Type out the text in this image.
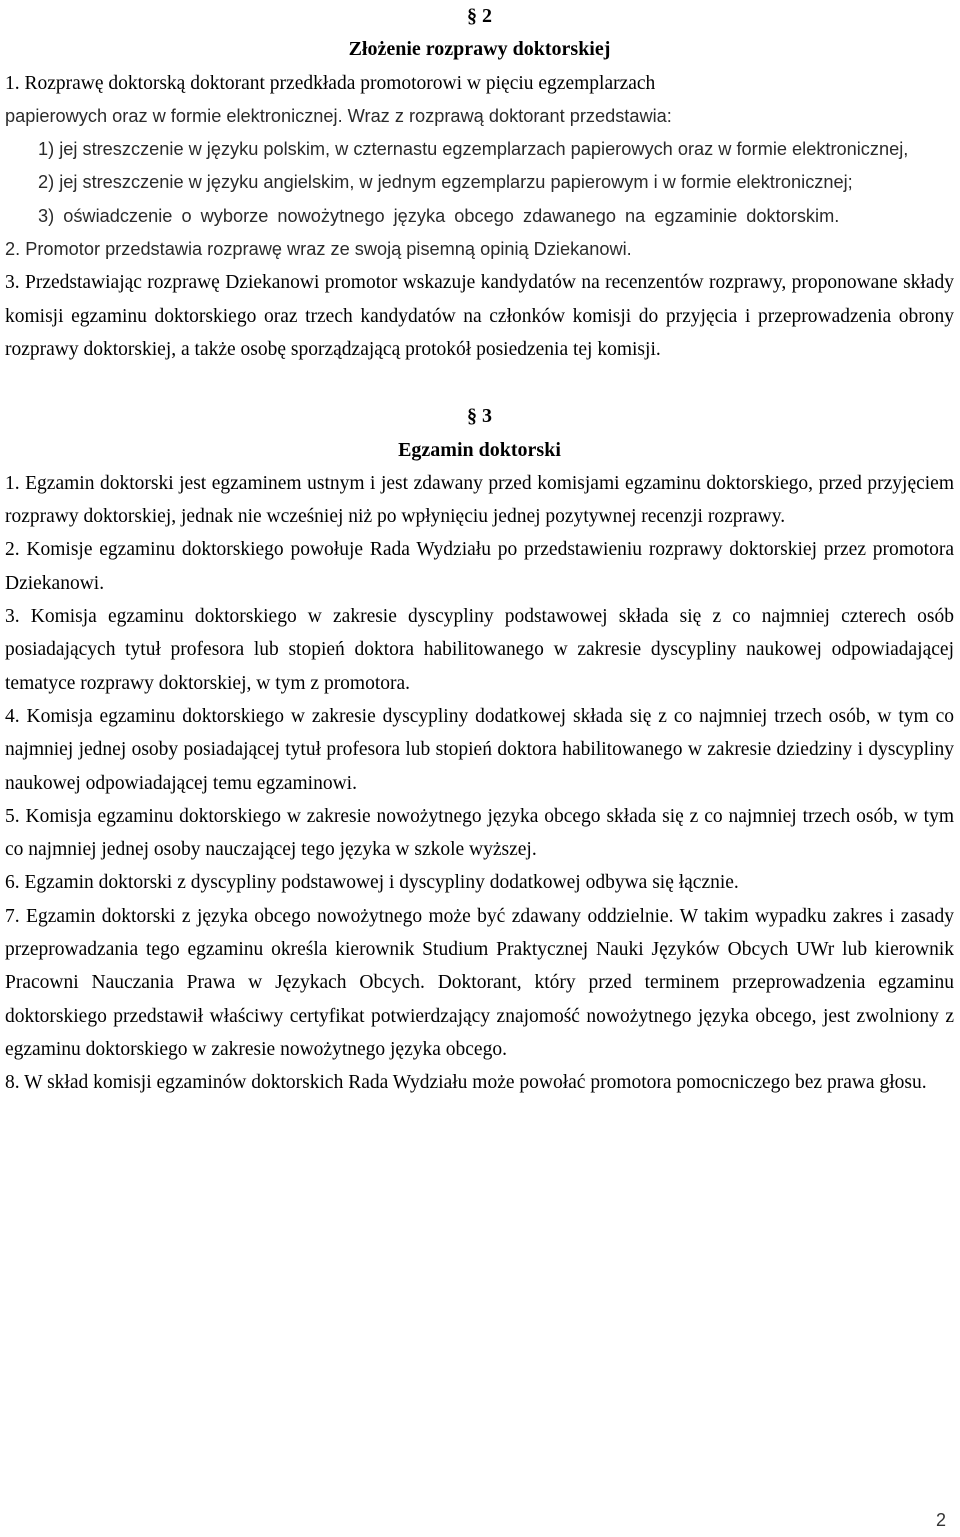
§ 2
Złożenie rozprawy doktorskiej
1. Rozprawę doktorską doktorant przedkłada promotorowi w pięciu egzemplarzach
papierowych oraz w formie elektronicznej. Wraz z rozprawą doktorant przedstawia:
1) jej streszczenie w języku polskim, w czternastu egzemplarzach papierowych oraz w formie elektronicznej,
2) jej streszczenie w języku angielskim, w jednym egzemplarzu papierowym i w formie elektronicznej;
3) oświadczenie o wyborze nowożytnego języka obcego zdawanego na egzaminie doktorskim.
2. Promotor przedstawia rozprawę wraz ze swoją pisemną opinią Dziekanowi.
3. Przedstawiając rozprawę Dziekanowi promotor wskazuje kandydatów na recenzentów rozprawy, proponowane składy komisji egzaminu doktorskiego oraz trzech kandydatów na członków komisji do przyjęcia i przeprowadzenia obrony rozprawy doktorskiej, a także osobę sporządzającą protokół posiedzenia tej komisji.
§ 3
Egzamin doktorski
1. Egzamin doktorski jest egzaminem ustnym i jest zdawany przed komisjami egzaminu doktorskiego, przed przyjęciem rozprawy doktorskiej, jednak nie wcześniej niż po wpłynięciu jednej pozytywnej recenzji rozprawy.
2. Komisje egzaminu doktorskiego powołuje Rada Wydziału po przedstawieniu rozprawy doktorskiej przez promotora Dziekanowi.
3. Komisja egzaminu doktorskiego w zakresie dyscypliny podstawowej składa się z co najmniej czterech osób posiadających tytuł profesora lub stopień doktora habilitowanego w zakresie dyscypliny naukowej odpowiadającej tematyce rozprawy doktorskiej, w tym z promotora.
4. Komisja egzaminu doktorskiego w zakresie dyscypliny dodatkowej składa się z co najmniej trzech osób, w tym co najmniej jednej osoby posiadającej tytuł profesora lub stopień doktora habilitowanego w zakresie dziedziny i dyscypliny naukowej odpowiadającej temu egzaminowi.
5. Komisja egzaminu doktorskiego w zakresie nowożytnego języka obcego składa się z co najmniej trzech osób, w tym co najmniej jednej osoby nauczającej tego języka w szkole wyższej.
6. Egzamin doktorski z dyscypliny podstawowej i dyscypliny dodatkowej odbywa się łącznie.
7. Egzamin doktorski z języka obcego nowożytnego może być zdawany oddzielnie. W takim wypadku zakres i zasady przeprowadzania tego egzaminu określa kierownik Studium Praktycznej Nauki Języków Obcych UWr lub kierownik Pracowni Nauczania Prawa w Językach Obcych. Doktorant, który przed terminem przeprowadzenia egzaminu doktorskiego przedstawił właściwy certyfikat potwierdzający znajomość nowożytnego języka obcego, jest zwolniony z egzaminu doktorskiego w zakresie nowożytnego języka obcego.
8. W skład komisji egzaminów doktorskich Rada Wydziału może powołać promotora pomocniczego bez prawa głosu.
2
